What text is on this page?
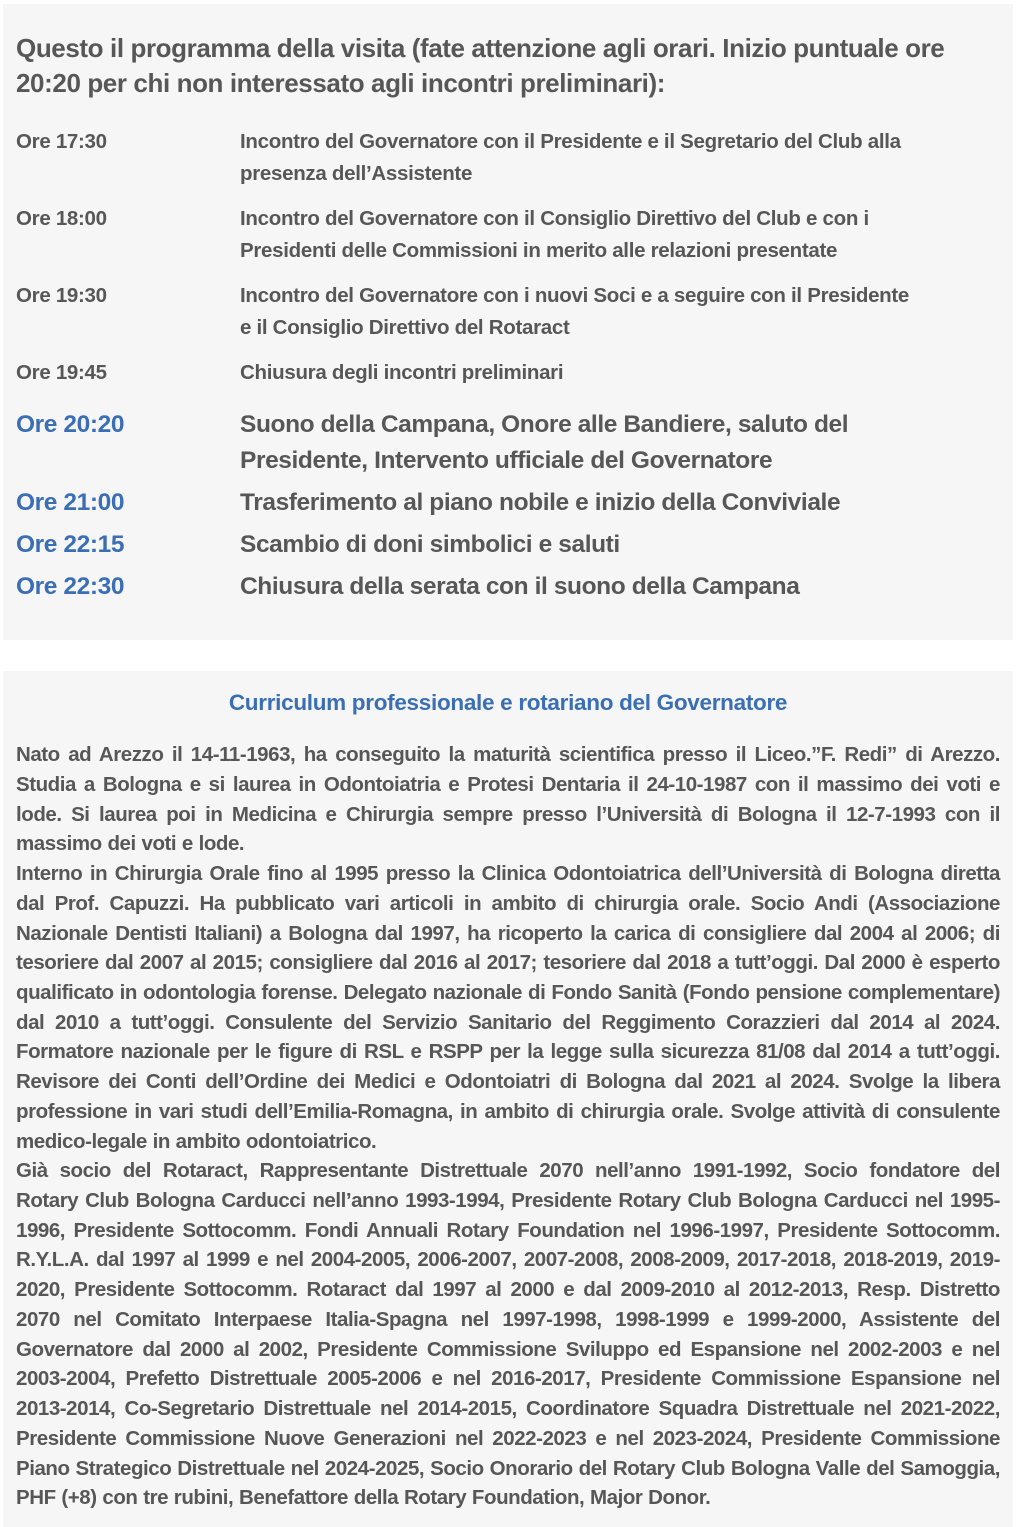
Questo il programma della visita (fate attenzione agli orari. Inizio puntuale ore 20:20 per chi non interessato agli incontri preliminari):
Ore 17:30	Incontro del Governatore con il Presidente e il Segretario del Club alla presenza dell’Assistente
Ore 18:00	Incontro del Governatore con il Consiglio Direttivo del Club e con i Presidenti delle Commissioni in merito alle relazioni presentate
Ore 19:30	Incontro del Governatore con i nuovi Soci e a seguire con il Presidente e il Consiglio Direttivo del Rotaract
Ore 19:45	Chiusura degli incontri preliminari
Ore 20:20	Suono della Campana, Onore alle Bandiere, saluto del Presidente, Intervento ufficiale del Governatore
Ore 21:00	Trasferimento al piano nobile e inizio della Conviviale
Ore 22:15	Scambio di doni simbolici e saluti
Ore 22:30	Chiusura della serata con il suono della Campana
Curriculum professionale e rotariano del Governatore

Nato ad Arezzo il 14-11-1963, ha conseguito la maturità scientifica presso il Liceo.”F. Redi” di Arezzo. Studia a Bologna e si laurea in Odontoiatria e Protesi Dentaria il 24-10-1987 con il massimo dei voti e lode. Si laurea poi in Medicina e Chirurgia sempre presso l’Università di Bologna il 12-7-1993 con il massimo dei voti e lode.

Interno in Chirurgia Orale fino al 1995 presso la Clinica Odontoiatrica dell’Università di Bologna diretta dal Prof. Capuzzi. Ha pubblicato vari articoli in ambito di chirurgia orale. Socio Andi (Associazione Nazionale Dentisti Italiani) a Bologna dal 1997, ha ricoperto la carica di consigliere dal 2004 al 2006; di tesoriere dal 2007 al 2015; consigliere dal 2016 al 2017; tesoriere dal 2018 a tutt’oggi. Dal 2000 è esperto qualificato in odontologia forense. Delegato nazionale di Fondo Sanità (Fondo pensione complementare) dal 2010 a tutt’oggi. Consulente del Servizio Sanitario del Reggimento Corazzieri dal 2014 al 2024. Formatore nazionale per le figure di RSL e RSPP per la legge sulla sicurezza 81/08 dal 2014 a tutt’oggi. Revisore dei Conti dell’Ordine dei Medici e Odontoiatri di Bologna dal 2021 al 2024. Svolge la libera professione in vari studi dell’Emilia-Romagna, in ambito di chirurgia orale. Svolge attività di consulente medico-legale in ambito odontoiatrico.

Già socio del Rotaract, Rappresentante Distrettuale 2070 nell’anno 1991-1992, Socio fondatore del Rotary Club Bologna Carducci nell’anno 1993-1994, Presidente Rotary Club Bologna Carducci nel 1995-1996, Presidente Sottocomm. Fondi Annuali Rotary Foundation nel 1996-1997, Presidente Sottocomm. R.Y.L.A. dal 1997 al 1999 e nel 2004-2005, 2006-2007, 2007-2008, 2008-2009, 2017-2018, 2018-2019, 2019-2020, Presidente Sottocomm. Rotaract dal 1997 al 2000 e dal 2009-2010 al 2012-2013, Resp. Distretto 2070 nel Comitato Interpaese Italia-Spagna nel 1997-1998, 1998-1999 e 1999-2000, Assistente del Governatore dal 2000 al 2002, Presidente Commissione Sviluppo ed Espansione nel 2002-2003 e nel 2003-2004, Prefetto Distrettuale 2005-2006 e nel 2016-2017, Presidente Commissione Espansione nel 2013-2014, Co-Segretario Distrettuale nel 2014-2015, Coordinatore Squadra Distrettuale nel 2021-2022, Presidente Commissione Nuove Generazioni nel 2022-2023 e nel 2023-2024, Presidente Commissione Piano Strategico Distrettuale nel 2024-2025, Socio Onorario del Rotary Club Bologna Valle del Samoggia, PHF (+8) con tre rubini, Benefattore della Rotary Foundation, Major Donor.
